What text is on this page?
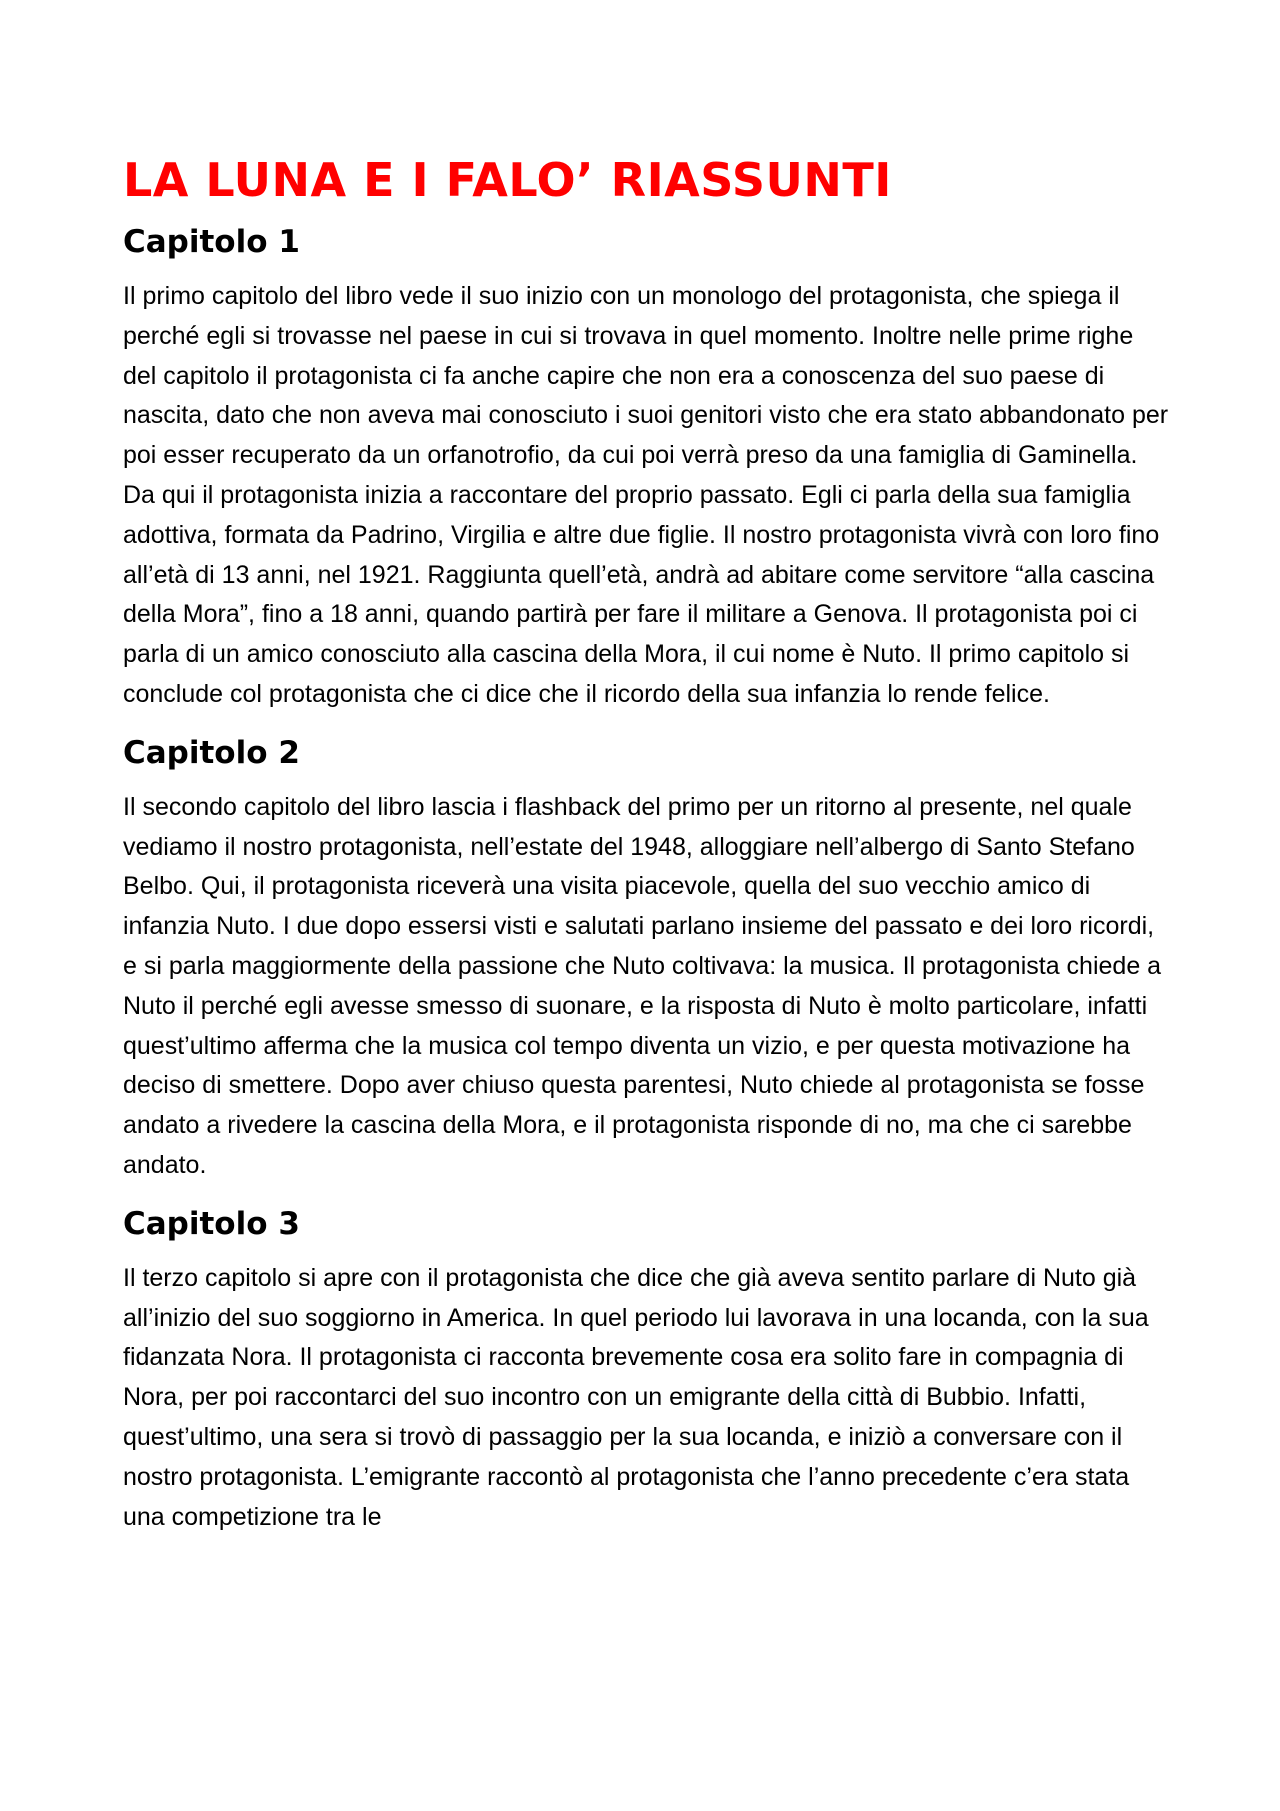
LA LUNA E I FALO’ RIASSUNTI
Capitolo 1

Il primo capitolo del libro vede il suo inizio con un monologo del protagonista, che spiega il perché egli si trovasse nel paese in cui si trovava in quel momento. Inoltre nelle prime righe del capitolo il protagonista ci fa anche capire che non era a conoscenza del suo paese di nascita, dato che non aveva mai conosciuto i suoi genitori visto che era stato abbandonato per poi esser recuperato da un orfanotrofio, da cui poi verrà preso da una famiglia di Gaminella. Da qui il protagonista inizia a raccontare del proprio passato. Egli ci parla della sua famiglia adottiva, formata da Padrino, Virgilia e altre due figlie. Il nostro protagonista vivrà con loro fino all’età di 13 anni, nel 1921. Raggiunta quell’età, andrà ad abitare come servitore “alla cascina della Mora”, fino a 18 anni, quando partirà per fare il militare a Genova. Il protagonista poi ci parla di un amico conosciuto alla cascina della Mora, il cui nome è Nuto. Il primo capitolo si conclude col protagonista che ci dice che il ricordo della sua infanzia lo rende felice.

Capitolo 2

Il secondo capitolo del libro lascia i flashback del primo per un ritorno al presente, nel quale vediamo il nostro protagonista, nell’estate del 1948, alloggiare nell’albergo di Santo Stefano Belbo. Qui, il protagonista riceverà una visita piacevole, quella del suo vecchio amico di infanzia Nuto. I due dopo essersi visti e salutati parlano insieme del passato e dei loro ricordi, e si parla maggiormente della passione che Nuto coltivava: la musica. Il protagonista chiede a Nuto il perché egli avesse smesso di suonare, e la risposta di Nuto è molto particolare, infatti quest’ultimo afferma che la musica col tempo diventa un vizio, e per questa motivazione ha deciso di smettere. Dopo aver chiuso questa parentesi, Nuto chiede al protagonista se fosse andato a rivedere la cascina della Mora, e il protagonista risponde di no, ma che ci sarebbe andato.

Capitolo 3

Il terzo capitolo si apre con il protagonista che dice che già aveva sentito parlare di Nuto già all’inizio del suo soggiorno in America. In quel periodo lui lavorava in una locanda, con la sua fidanzata Nora. Il protagonista ci racconta brevemente cosa era solito fare in compagnia di Nora, per poi raccontarci del suo incontro con un emigrante della città di Bubbio. Infatti, quest’ultimo, una sera si trovò di passaggio per la sua locanda, e iniziò a conversare con il nostro protagonista. L’emigrante raccontò al protagonista che l’anno precedente c’era stata una competizione tra le
